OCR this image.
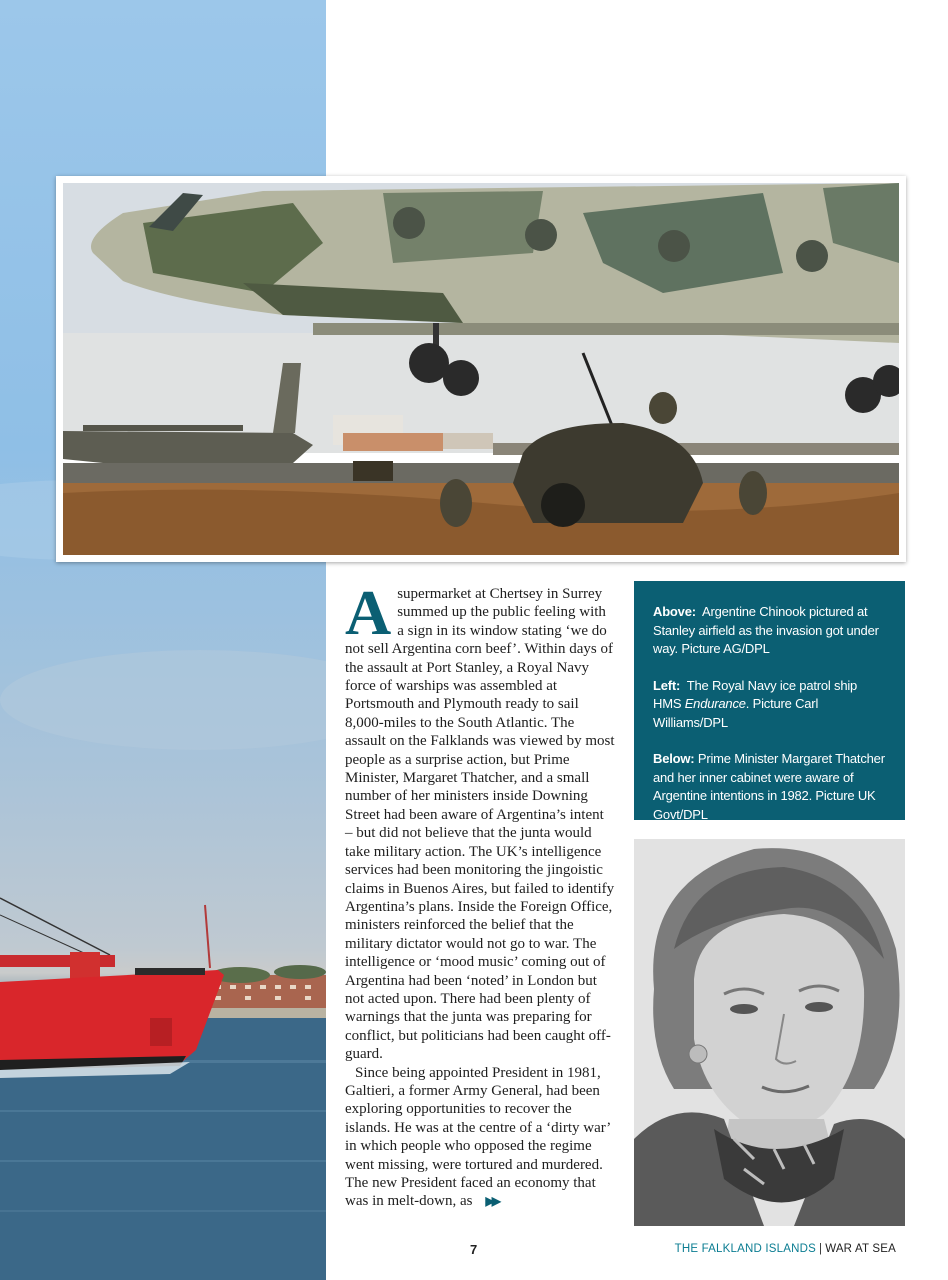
Asupermarket at Chertsey in Surrey summed up the public feeling with a sign in its window stating ‘we do not sell Argentina corn beef’. Within days of the assault at Port Stanley, a Royal Navy force of warships was assembled at Portsmouth and Plymouth ready to sail 8,000-miles to the South Atlantic. The assault on the Falklands was viewed by most people as a surprise action, but Prime Minister, Margaret Thatcher, and a small number of her ministers inside Downing Street had been aware of Argentina’s intent – but did not believe that the junta would take military action. The UK’s intelligence services had been monitoring the jingoistic claims in Buenos Aires, but failed to identify Argentina’s plans. Inside the Foreign Office, ministers reinforced the belief that the military dictator would not go to war. The intelligence or ‘mood music’ coming out of Argentina had been ‘noted’ in London but not acted upon. There had been plenty of warnings that the junta was preparing for conflict, but politicians had been caught off-guard.

Since being appointed President in 1981, Galtieri, a former Army General, had been exploring opportunities to recover the islands. He was at the centre of a ‘dirty war’ in which people who opposed the regime went missing, were tortured and murdered. The new President faced an economy that was in melt-down, as ▶▶

Above: Argentine Chinook pictured at Stanley airfield as the invasion got under way. Picture AG/DPL

Left: The Royal Navy ice patrol ship HMS Endurance. Picture Carl Williams/DPL

Below: Prime Minister Margaret Thatcher and her inner cabinet were aware of Argentine intentions in 1982. Picture UK Govt/DPL

7	THE FALKLAND ISLANDS | WAR AT SEA
